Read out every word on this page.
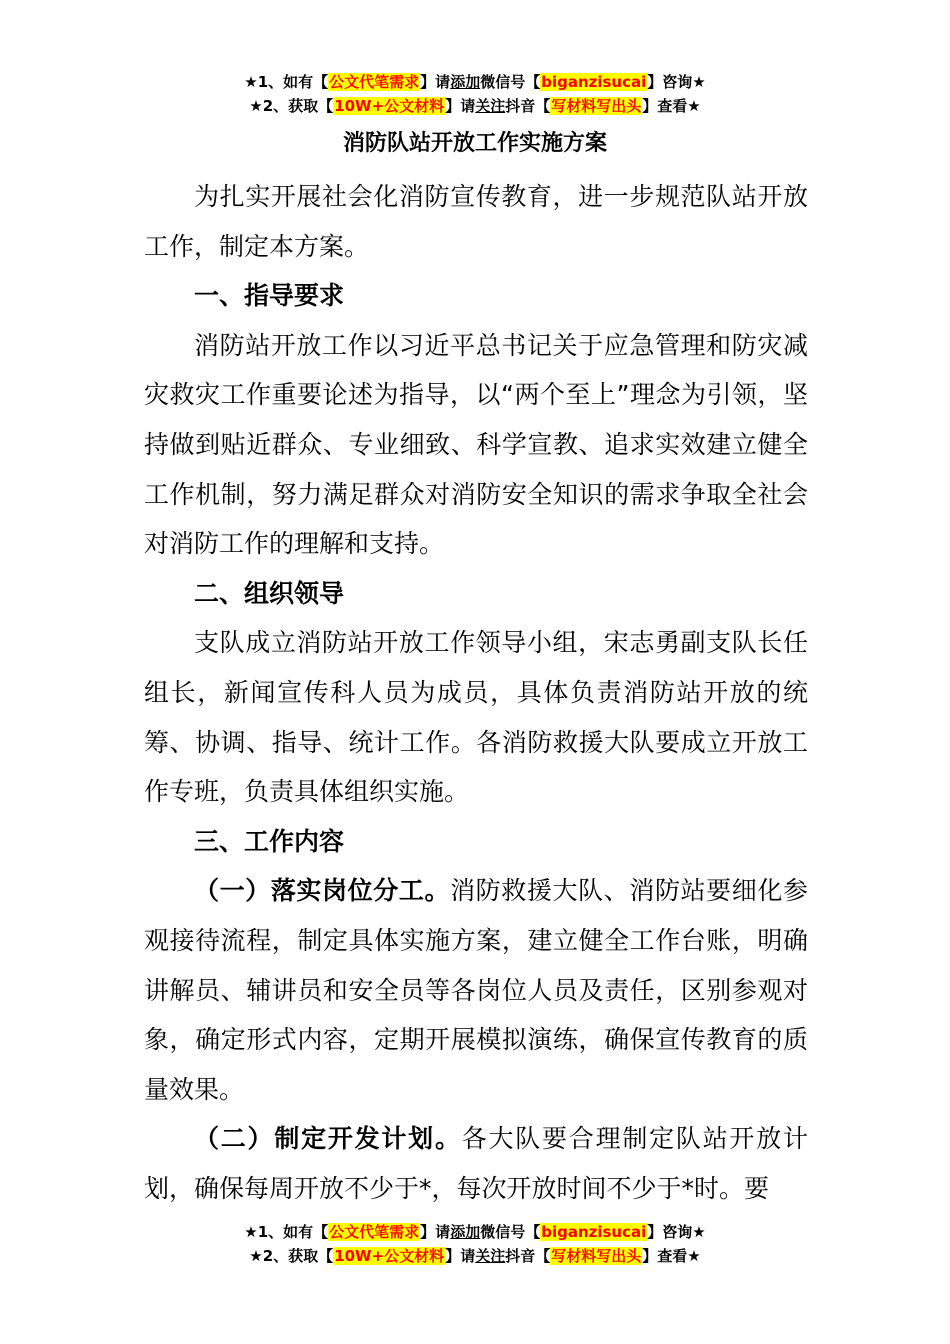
★1、如有【公文代笔需求】请添加微信号【biganzisucai】咨询★
★2、获取【10W+公文材料】请关注抖音【写材料写出头】查看★
消防队站开放工作实施方案

为扎实开展社会化消防宣传教育，进一步规范队站开放工作，制定本方案。

一、指导要求

消防站开放工作以习近平总书记关于应急管理和防灾减灾救灾工作重要论述为指导，以“两个至上”理念为引领，坚持做到贴近群众、专业细致、科学宣教、追求实效建立健全工作机制，努力满足群众对消防安全知识的需求争取全社会对消防工作的理解和支持。

二、组织领导

支队成立消防站开放工作领导小组，宋志勇副支队长任组长，新闻宣传科人员为成员，具体负责消防站开放的统筹、协调、指导、统计工作。各消防救援大队要成立开放工作专班，负责具体组织实施。

三、工作内容

（一）落实岗位分工。消防救援大队、消防站要细化参观接待流程，制定具体实施方案，建立健全工作台账，明确讲解员、辅讲员和安全员等各岗位人员及责任，区别参观对象，确定形式内容，定期开展模拟演练，确保宣传教育的质量效果。

（二）制定开发计划。各大队要合理制定队站开放计划，确保每周开放不少于*，每次开放时间不少于*时。要

★1、如有【公文代笔需求】请添加微信号【biganzisucai】咨询★
★2、获取【10W+公文材料】请关注抖音【写材料写出头】查看★
